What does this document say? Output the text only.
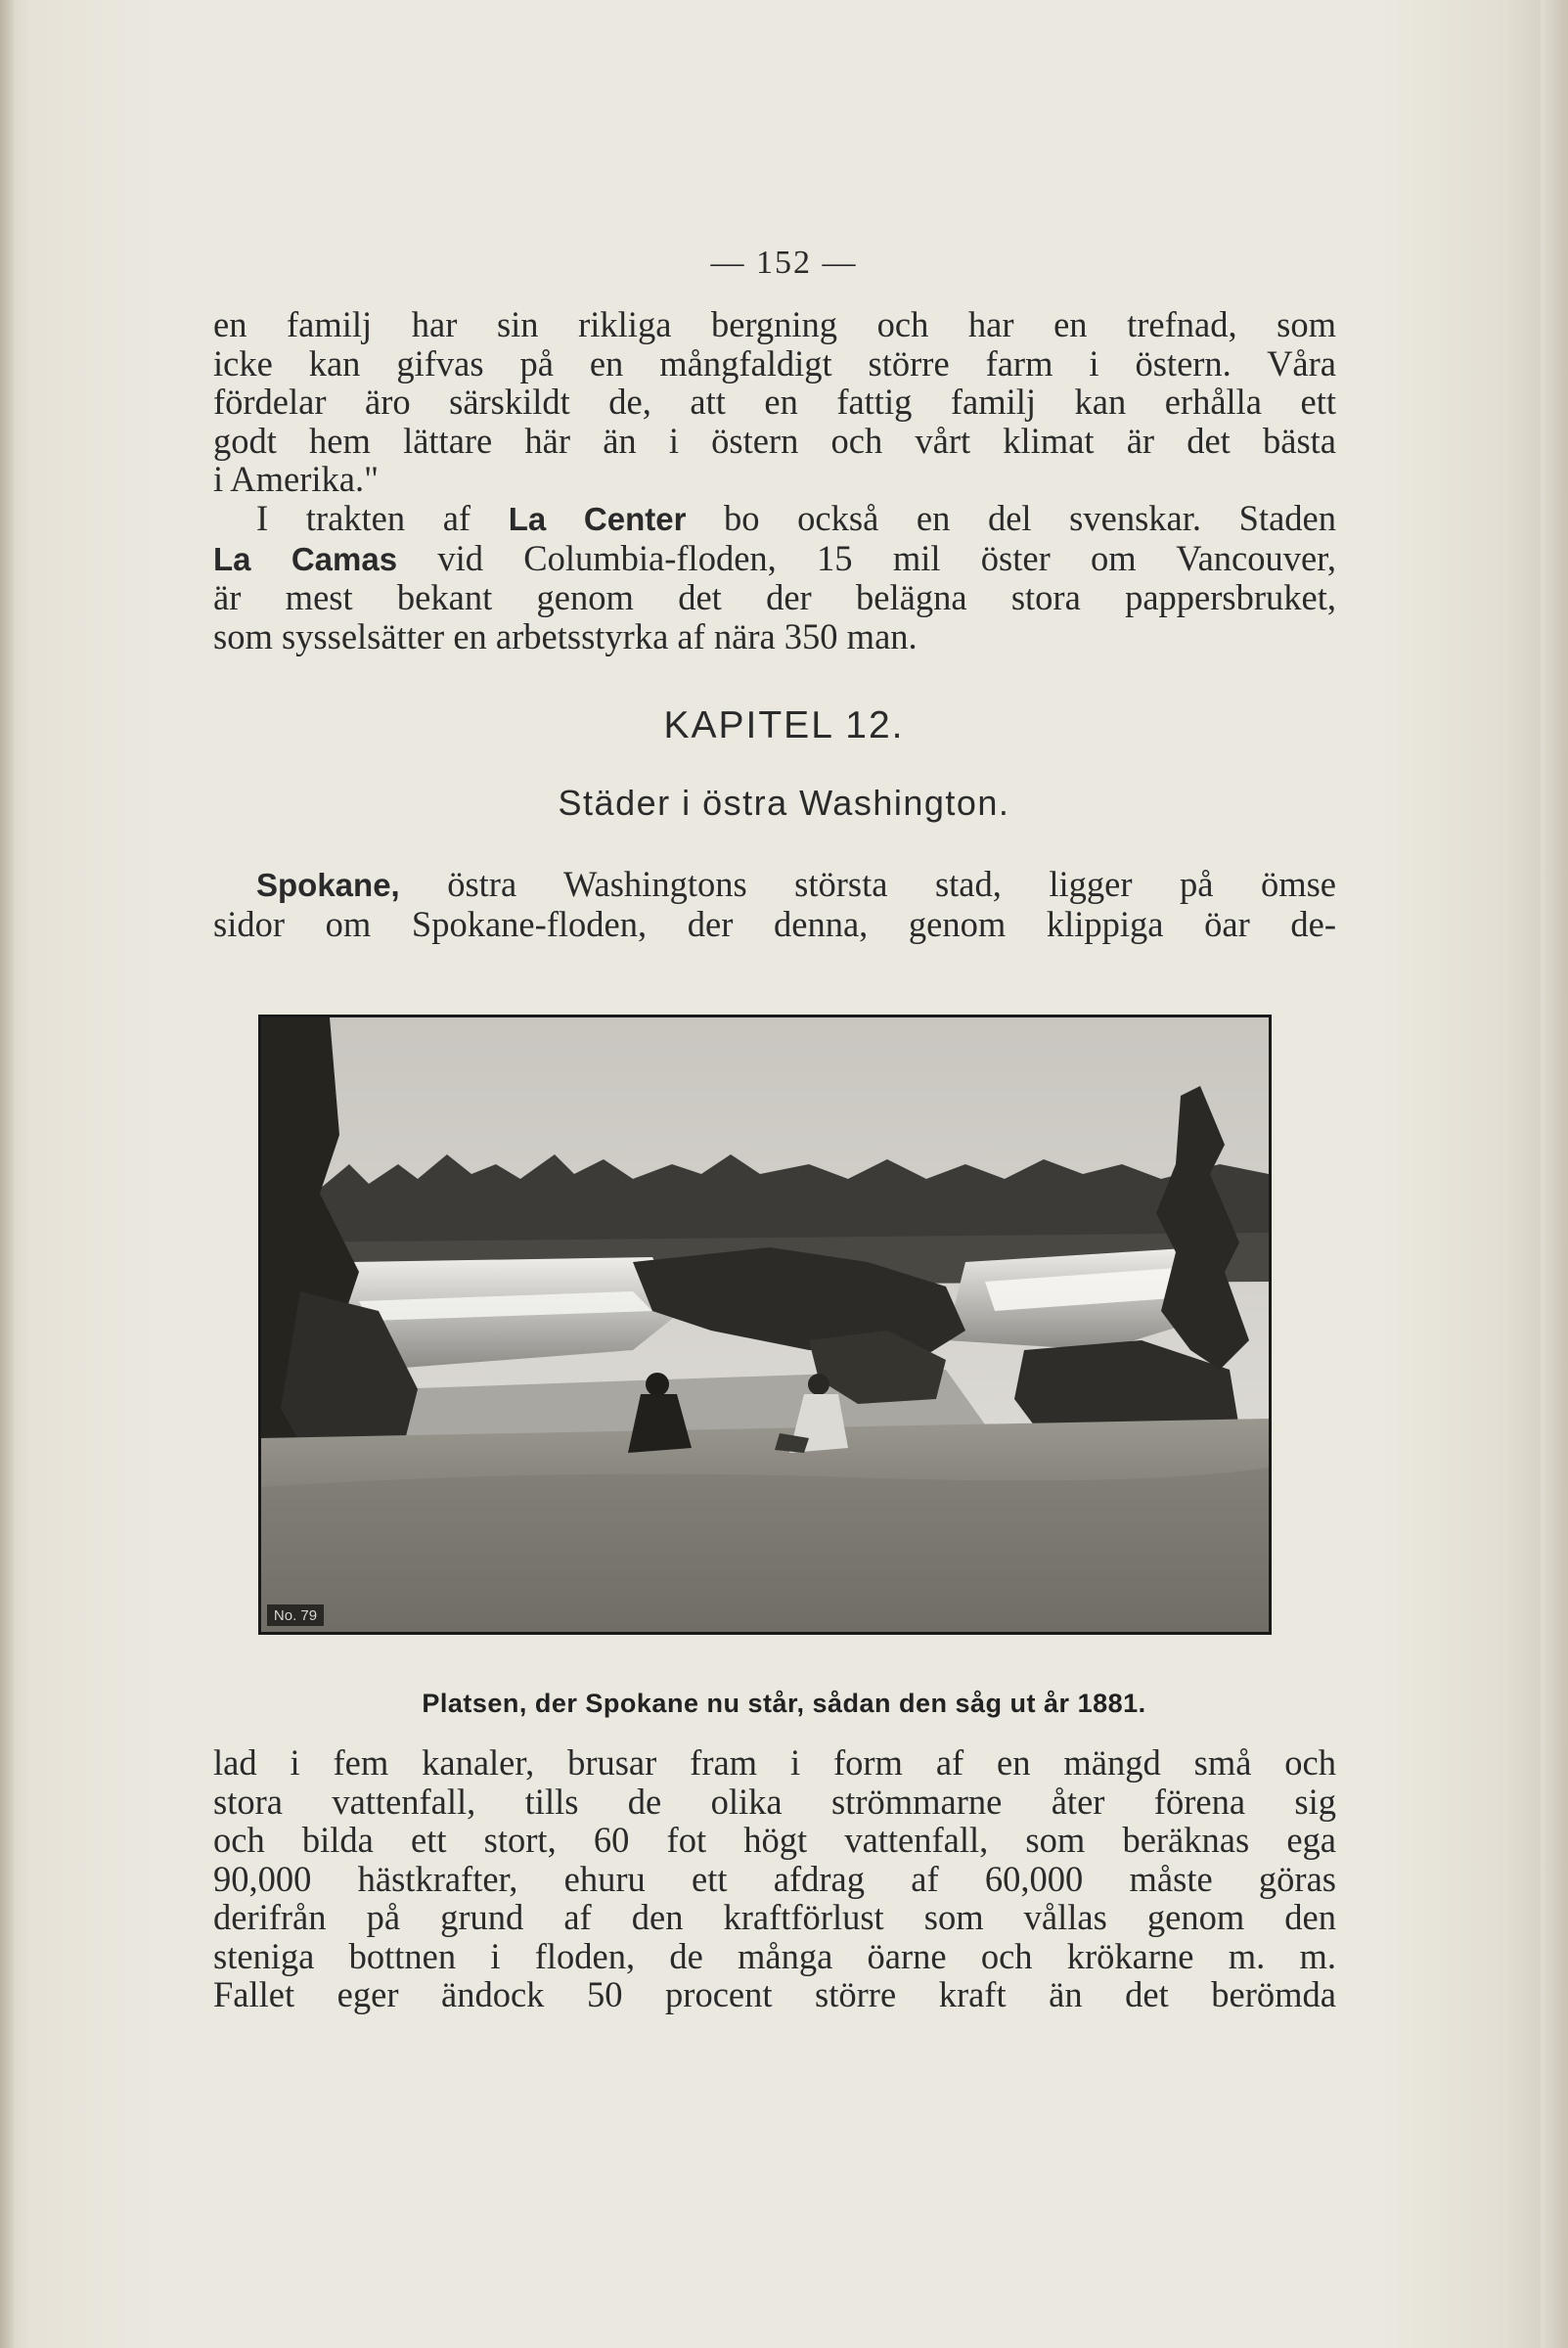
— 152 —
en familj har sin rikliga bergning och har en trefnad, som
icke kan gifvas på en mångfaldigt större farm i östern. Våra
fördelar äro särskildt de, att en fattig familj kan erhålla ett
godt hem lättare här än i östern och vårt klimat är det bästa
i Amerika."
I trakten af La Center bo också en del svenskar. Staden
La Camas vid Columbia-floden, 15 mil öster om Vancouver,
är mest bekant genom det der belägna stora pappersbruket,
som sysselsätter en arbetsstyrka af nära 350 man.
KAPITEL 12.
Städer i östra Washington.
Spokane, östra Washingtons största stad, ligger på ömse
sidor om Spokane-floden, der denna, genom klippiga öar de-
No. 79
Platsen, der Spokane nu står, sådan den såg ut år 1881.
lad i fem kanaler, brusar fram i form af en mängd små och
stora vattenfall, tills de olika strömmarne åter förena sig
och bilda ett stort, 60 fot högt vattenfall, som beräknas ega
90,000 hästkrafter, ehuru ett afdrag af 60,000 måste göras
derifrån på grund af den kraftförlust som vållas genom den
steniga bottnen i floden, de många öarne och krökarne m. m.
Fallet eger ändock 50 procent större kraft än det berömda
